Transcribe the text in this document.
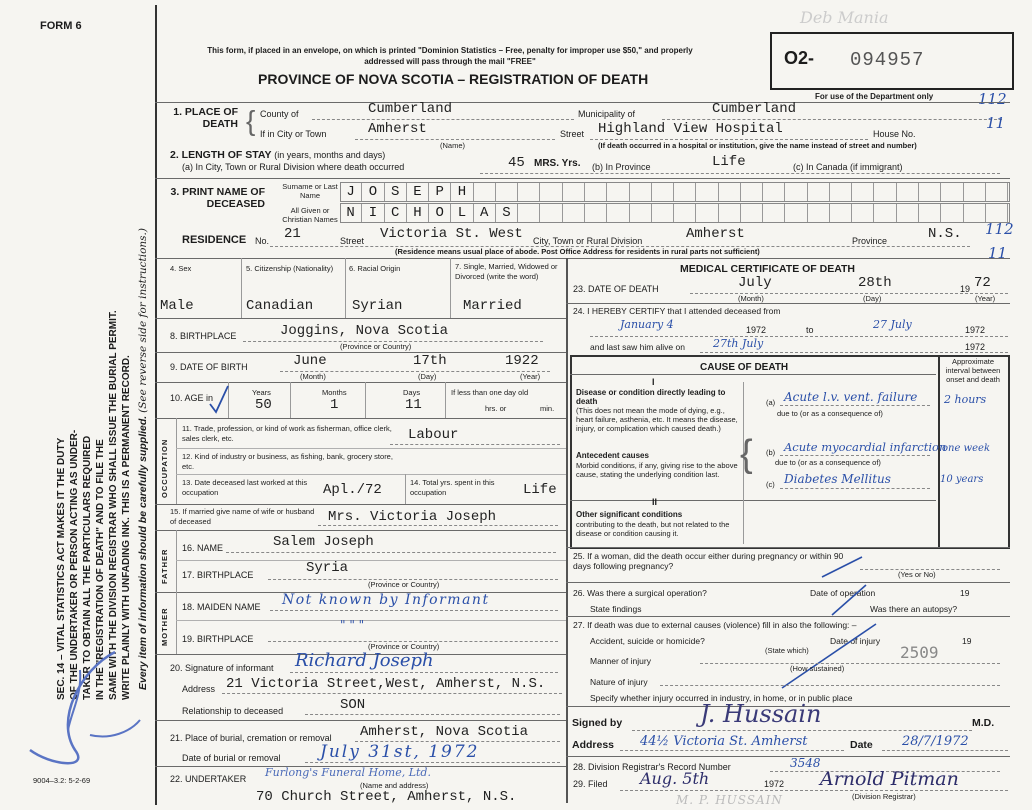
FORM 6
SEC. 14 – VITAL STATISTICS ACT MAKES IT THE DUTY OF THE UNDERTAKER OR PERSON ACTING AS UNDER- TAKER TO OBTAIN ALL THE PARTICULARS REQUIRED IN THE "REGISTRATION OF DEATH" AND TO FILE THE SAME WITH THE DIVISION REGISTRAR WHO SHALL ISSUE THE BURIAL PERMIT. WRITE PLAINLY WITH UNFADING INK. THIS IS A PERMANENT RECORD. Every item of information should be carefully supplied. (See reverse side for instructions.)
9004–3.2: 5-2-69
This form, if placed in an envelope, on which is printed "Dominion Statistics – Free, penalty for improper use $50," and properly addressed will pass through the mail "FREE"
PROVINCE OF NOVA SCOTIA – REGISTRATION OF DEATH
Deb Mania
O2- 094957
For use of the Department only	112
1. PLACE OF DEATH { County of	Cumberland	Municipality of	Cumberland
If in City or Town	Amherst
(Name)
Street Highland View Hospital	House No.
11
(If death occurred in a hospital or institution, give the name instead of street and number)
2. LENGTH OF STAY (in years, months and days)
(a) In City, Town or Rural Division where death occurred	45 MRS. Yrs. (b) In Province	Life	(c) In Canada (if immigrant)
3. PRINT NAME OF DECEASED
Surname or Last Name
All Given or Christian Names
J O S E P H
N I C H O L A S
RESIDENCE No. 21	Street Victoria St. West City, Town or Rural Division	Amherst	Province	N.S. 112
(Residence means usual place of abode. Post Office Address for residents in rural parts not sufficient)	11
4. Sex	5. Citizenship (Nationality)	6. Racial Origin	7. Single, Married, Widowed or Divorced (write the word)
Male	Canadian	Syrian	Married
8. BIRTHPLACE	Joggins, Nova Scotia
(Province or Country)
9. DATE OF BIRTH	June	17th	1922
(Month)	(Day)	(Year)
10. AGE in
Years
50
Months
1
Days
11
If less than one day old
hrs. or	min.
OCCUPATION
11. Trade, profession, or kind of work as fisherman, office clerk, sales clerk, etc.	Labour
12. Kind of industry or business, as fishing, bank, grocery store, etc.
13. Date deceased last worked at this occupation	Apl./72	14. Total yrs. spent in this occupation	Life
15. If married give name of wife or husband of deceased	Mrs. Victoria Joseph
FATHER
16. NAME	Salem Joseph
17. BIRTHPLACE	Syria
(Province or Country)
MOTHER
18. MAIDEN NAME Not known by Informant
19. BIRTHPLACE
" " "
(Province or Country)
20. Signature of informant Richard Joseph
Address 21 Victoria Street,West, Amherst, N.S.
Relationship to deceased	SON
21. Place of burial, cremation or removal Amherst, Nova Scotia
Date of burial or removal July 31st, 1972
22. UNDERTAKER Furlong's Funeral Home, Ltd.
(Name and address)
70 Church Street, Amherst, N.S.
MEDICAL CERTIFICATE OF DEATH
23. DATE OF DEATH	July	28th	19 72
(Month)	(Day)	(Year)
24. I HEREBY CERTIFY that I attended deceased from
January 4	1972	to	27 July	1972
and last saw him alive on	27th July	1972
CAUSE OF DEATH
Approximate interval between onset and death
I
Disease or condition directly leading to death
(This does not mean the mode of dying, e.g., heart failure, asthenia, etc. It means the disease, injury, or complication which caused death.)
(a) Acute l.v. vent. failure 2 hours
due to (or as a consequence of)
Antecedent causes
Morbid conditions, if any, giving rise to the above cause, stating the underlying condition last. { (b) Acute myocardial infarction
one week
due to (or as a consequence of)
(c) Diabetes Mellitus	10 years
II
Other significant conditions
contributing to the death, but not related to the disease or condition causing it.
25. If a woman, did the death occur either during pregnancy or within 90 days following pregnancy?
(Yes or No)
26. Was there a surgical operation?	Date of operation	19
State findings	Was there an autopsy?
27. If death was due to external causes (violence) fill in also the following: –
Accident, suicide or homicide?
(State which)
Date of injury	19
Manner of injury	2509
(How sustained)
Nature of injury
Specify whether injury occurred in industry, in home, or in public place
Signed by	J. Hussain	M.D.
Address 44½ Victoria St. Amherst	Date 28/7/1972
28. Division Registrar's Record Number	3548
29. Filed Aug. 5th	1972 Arnold Pitman
(Division Registrar)
M. P. HUSSAIN
